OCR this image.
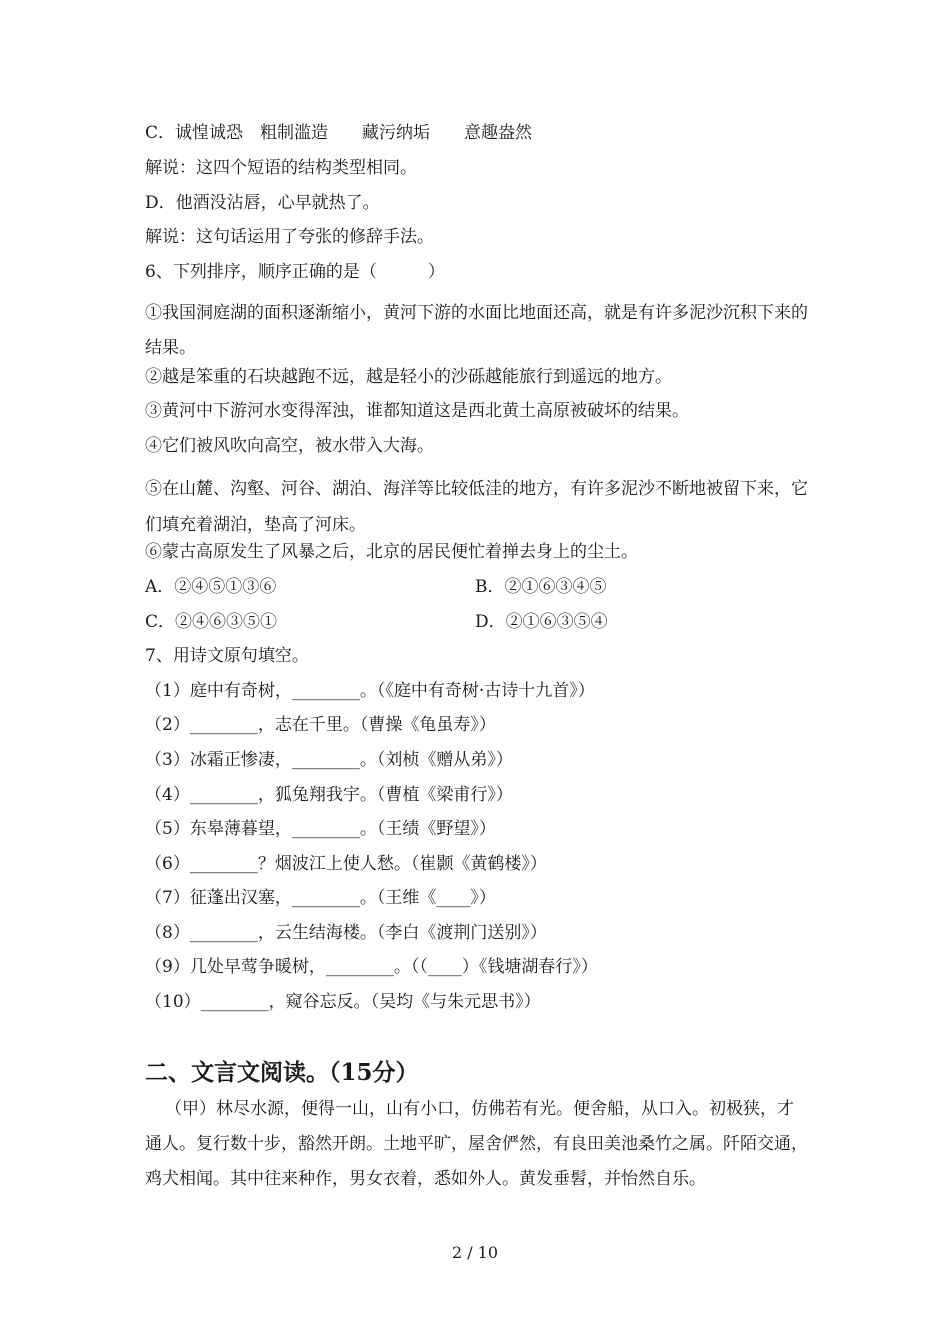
C．诚惶诚恐　粗制滥造　　藏污纳垢　　意趣盎然
解说：这四个短语的结构类型相同。
D．他酒没沾唇，心早就热了。
解说：这句话运用了夸张的修辞手法。
6、下列排序，顺序正确的是（　　　）
①我国洞庭湖的面积逐渐缩小，黄河下游的水面比地面还高，就是有许多泥沙沉积下来的结果。
②越是笨重的石块越跑不远，越是轻小的沙砾越能旅行到遥远的地方。
③黄河中下游河水变得浑浊，谁都知道这是西北黄土高原被破坏的结果。
④它们被风吹向高空，被水带入大海。
⑤在山麓、沟壑、河谷、湖泊、海洋等比较低洼的地方，有许多泥沙不断地被留下来，它们填充着湖泊，垫高了河床。
⑥蒙古高原发生了风暴之后，北京的居民便忙着掸去身上的尘土。
A．②④⑤①③⑥	B．②①⑥③④⑤
C．②④⑥③⑤①	D．②①⑥③⑤④
7、用诗文原句填空。
（1）庭中有奇树，________。（《庭中有奇树·古诗十九首》）
（2）________，志在千里。（曹操《龟虽寿》）
（3）冰霜正惨凄，________。（刘桢《赠从弟》）
（4）________，狐兔翔我宇。（曹植《梁甫行》）
（5）东皋薄暮望，________。（王绩《野望》）
（6）________？烟波江上使人愁。（崔颢《黄鹤楼》）
（7）征蓬出汉塞，________。（王维《____》）
（8）________，云生结海楼。（李白《渡荆门送别》）
（9）几处早莺争暖树，________。（（____）《钱塘湖春行》）
（10）________，窥谷忘反。（吴均《与朱元思书》）
二、文言文阅读。（15分）
（甲）林尽水源，便得一山，山有小口，仿佛若有光。便舍船，从口入。初极狭，才通人。复行数十步，豁然开朗。土地平旷，屋舍俨然，有良田美池桑竹之属。阡陌交通，鸡犬相闻。其中往来种作，男女衣着，悉如外人。黄发垂髫，并怡然自乐。
2 / 10
